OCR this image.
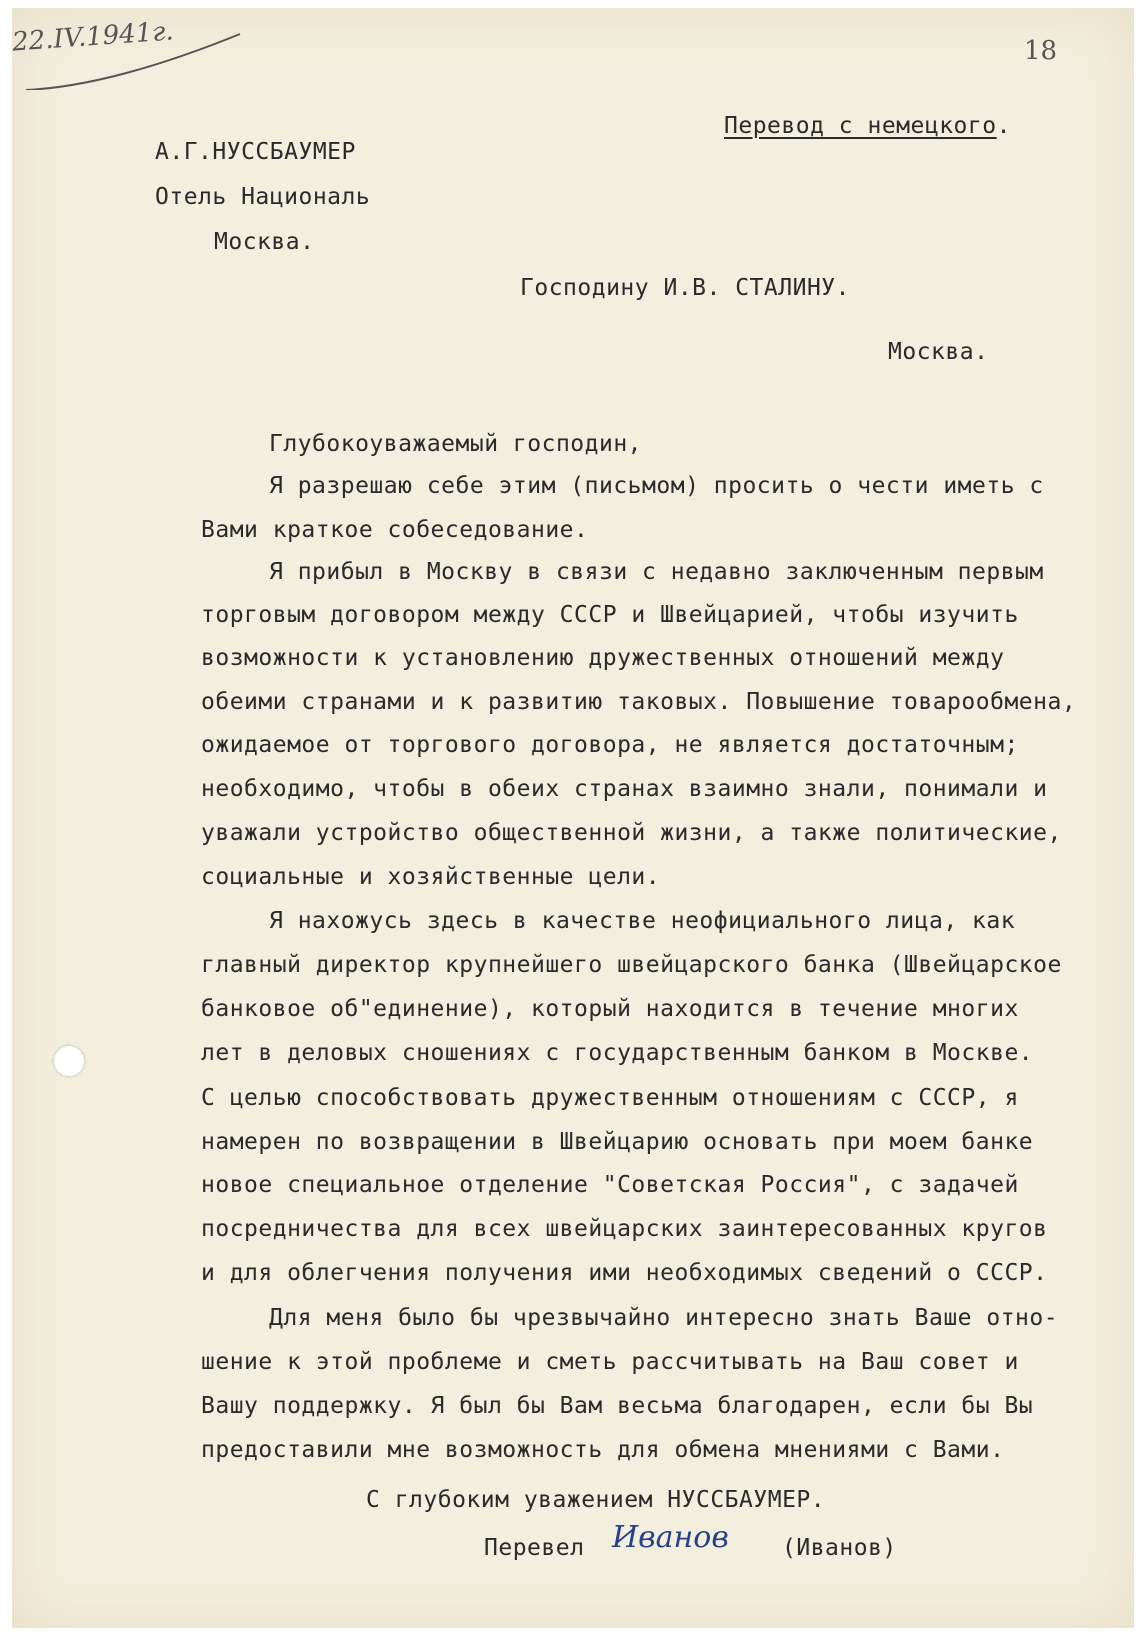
22.IV.1941г.	18
Перевод с немецкого.
А.Г.НУССБАУМЕР
Отель Националь
Москва.
Господину И.В. СТАЛИНУ.
Москва.
Глубокоуважаемый господин,
Я разрешаю себе этим (письмом) просить о чести иметь с
Вами краткое собеседование.
Я прибыл в Москву в связи с недавно заключенным первым
торговым договором между СССР и Швейцарией, чтобы изучить
возможности к установлению дружественных отношений между
обеими странами и к развитию таковых. Повышение товарообмена,
ожидаемое от торгового договора, не является достаточным;
необходимо, чтобы в обеих странах взаимно знали, понимали и
уважали устройство общественной жизни, а также политические,
социальные и хозяйственные цели.
Я нахожусь здесь в качестве неофициального лица, как
главный директор крупнейшего швейцарского банка (Швейцарское
банковое об"единение), который находится в течение многих
лет в деловых сношениях с государственным банком в Москве.
С целью способствовать дружественным отношениям с СССР, я
намерен по возвращении в Швейцарию основать при моем банке
новое специальное отделение "Советская Россия", с задачей
посредничества для всех швейцарских заинтересованных кругов
и для облегчения получения ими необходимых сведений о СССР.
Для меня было бы чрезвычайно интересно знать Ваше отно-
шение к этой проблеме и сметь рассчитывать на Ваш совет и
Вашу поддержку. Я был бы Вам весьма благодарен, если бы Вы
предоставили мне возможность для обмена мнениями с Вами.
С глубоким уважением НУССБАУМЕР.
Перевел Иванов (Иванов)
